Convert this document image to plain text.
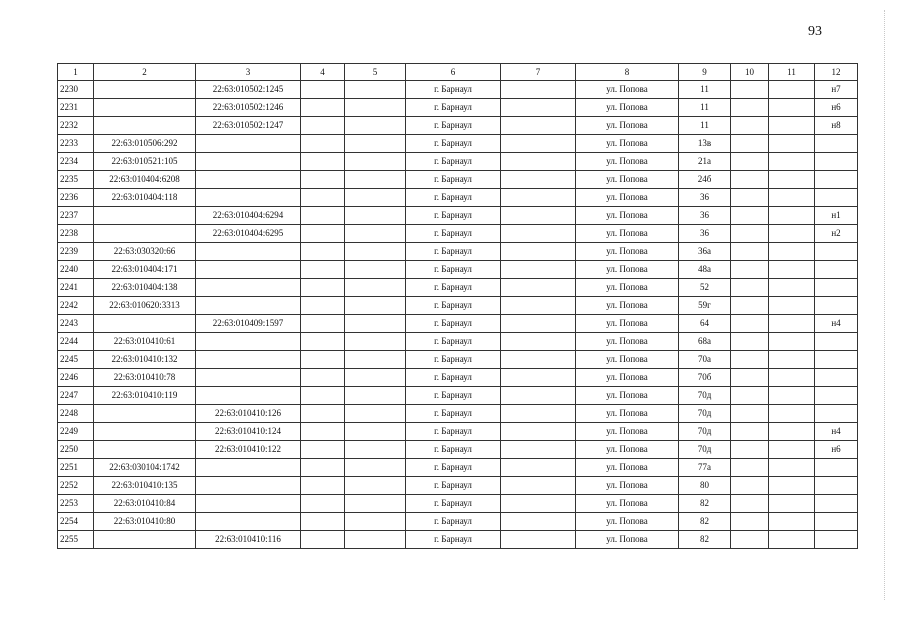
93
1	2	3	4	5	6	7	8	9	10	11	12
2230		22:63:010502:1245			г. Барнаул		ул. Попова	11			н7
2231		22:63:010502:1246			г. Барнаул		ул. Попова	11			н6
2232		22:63:010502:1247			г. Барнаул		ул. Попова	11			н8
2233	22:63:010506:292				г. Барнаул		ул. Попова	13в			
2234	22:63:010521:105				г. Барнаул		ул. Попова	21а			
2235	22:63:010404:6208				г. Барнаул		ул. Попова	24б			
2236	22:63:010404:118				г. Барнаул		ул. Попова	36			
2237		22:63:010404:6294			г. Барнаул		ул. Попова	36			н1
2238		22:63:010404:6295			г. Барнаул		ул. Попова	36			н2
2239	22:63:030320:66				г. Барнаул		ул. Попова	36а			
2240	22:63:010404:171				г. Барнаул		ул. Попова	48а			
2241	22:63:010404:138				г. Барнаул		ул. Попова	52			
2242	22:63:010620:3313				г. Барнаул		ул. Попова	59г			
2243		22:63:010409:1597			г. Барнаул		ул. Попова	64			н4
2244	22:63:010410:61				г. Барнаул		ул. Попова	68а			
2245	22:63:010410:132				г. Барнаул		ул. Попова	70а			
2246	22:63:010410:78				г. Барнаул		ул. Попова	70б			
2247	22:63:010410:119				г. Барнаул		ул. Попова	70д			
2248		22:63:010410:126			г. Барнаул		ул. Попова	70д			
2249		22:63:010410:124			г. Барнаул		ул. Попова	70д			н4
2250		22:63:010410:122			г. Барнаул		ул. Попова	70д			н6
2251	22:63:030104:1742				г. Барнаул		ул. Попова	77а			
2252	22:63:010410:135				г. Барнаул		ул. Попова	80			
2253	22:63:010410:84				г. Барнаул		ул. Попова	82			
2254	22:63:010410:80				г. Барнаул		ул. Попова	82			
2255		22:63:010410:116			г. Барнаул		ул. Попова	82			
